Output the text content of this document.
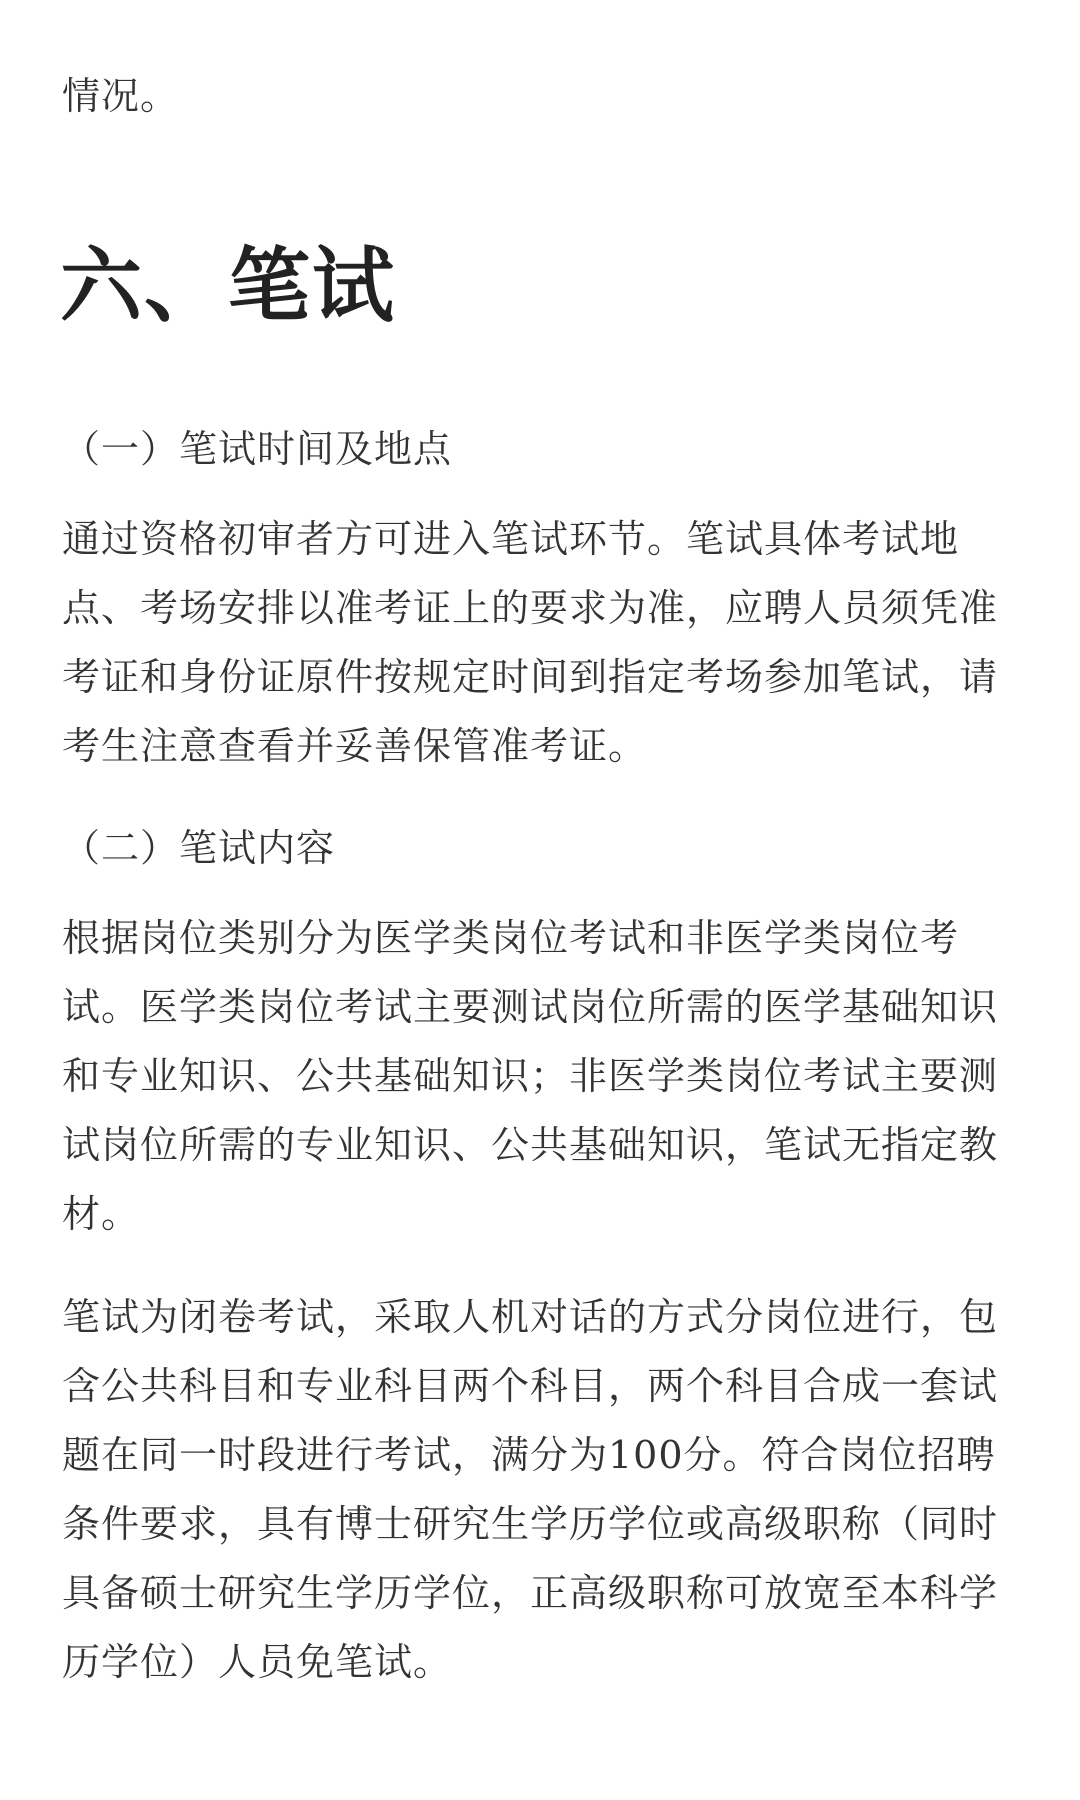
情况。

六、笔试

（一）笔试时间及地点

通过资格初审者方可进入笔试环节。笔试具体考试地点、考场安排以准考证上的要求为准，应聘人员须凭准考证和身份证原件按规定时间到指定考场参加笔试，请考生注意查看并妥善保管准考证。

（二）笔试内容

根据岗位类别分为医学类岗位考试和非医学类岗位考试。医学类岗位考试主要测试岗位所需的医学基础知识和专业知识、公共基础知识；非医学类岗位考试主要测试岗位所需的专业知识、公共基础知识，笔试无指定教材。

笔试为闭卷考试，采取人机对话的方式分岗位进行，包含公共科目和专业科目两个科目，两个科目合成一套试题在同一时段进行考试，满分为100分。符合岗位招聘条件要求，具有博士研究生学历学位或高级职称（同时具备硕士研究生学历学位，正高级职称可放宽至本科学历学位）人员免笔试。
